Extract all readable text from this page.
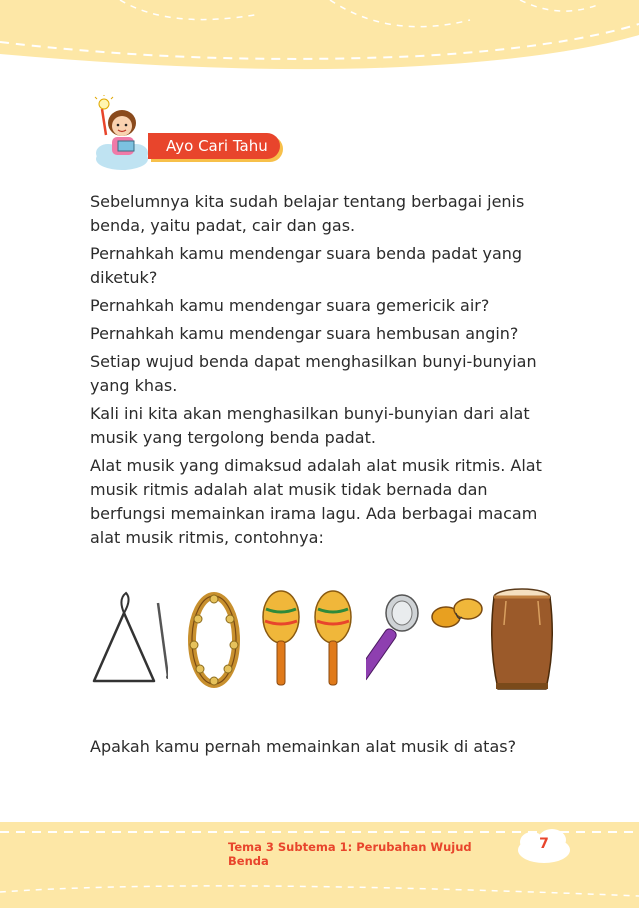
Ayo Cari Tahu

Sebelumnya kita sudah belajar tentang berbagai jenis benda, yaitu padat, cair dan gas.

Pernahkah kamu mendengar suara benda padat yang diketuk?

Pernahkah kamu mendengar suara gemericik air?

Pernahkah kamu mendengar suara hembusan angin?

Setiap wujud benda dapat menghasilkan bunyi-bunyian yang khas.

Kali ini kita akan menghasilkan bunyi-bunyian dari alat musik yang tergolong benda padat.

Alat musik yang dimaksud adalah alat musik ritmis. Alat musik ritmis adalah alat musik tidak bernada dan berfungsi memainkan irama lagu. Ada berbagai macam alat musik ritmis, contohnya:

Apakah kamu pernah memainkan alat musik di atas?

Tema 3 Subtema 1: Perubahan Wujud Benda
7
